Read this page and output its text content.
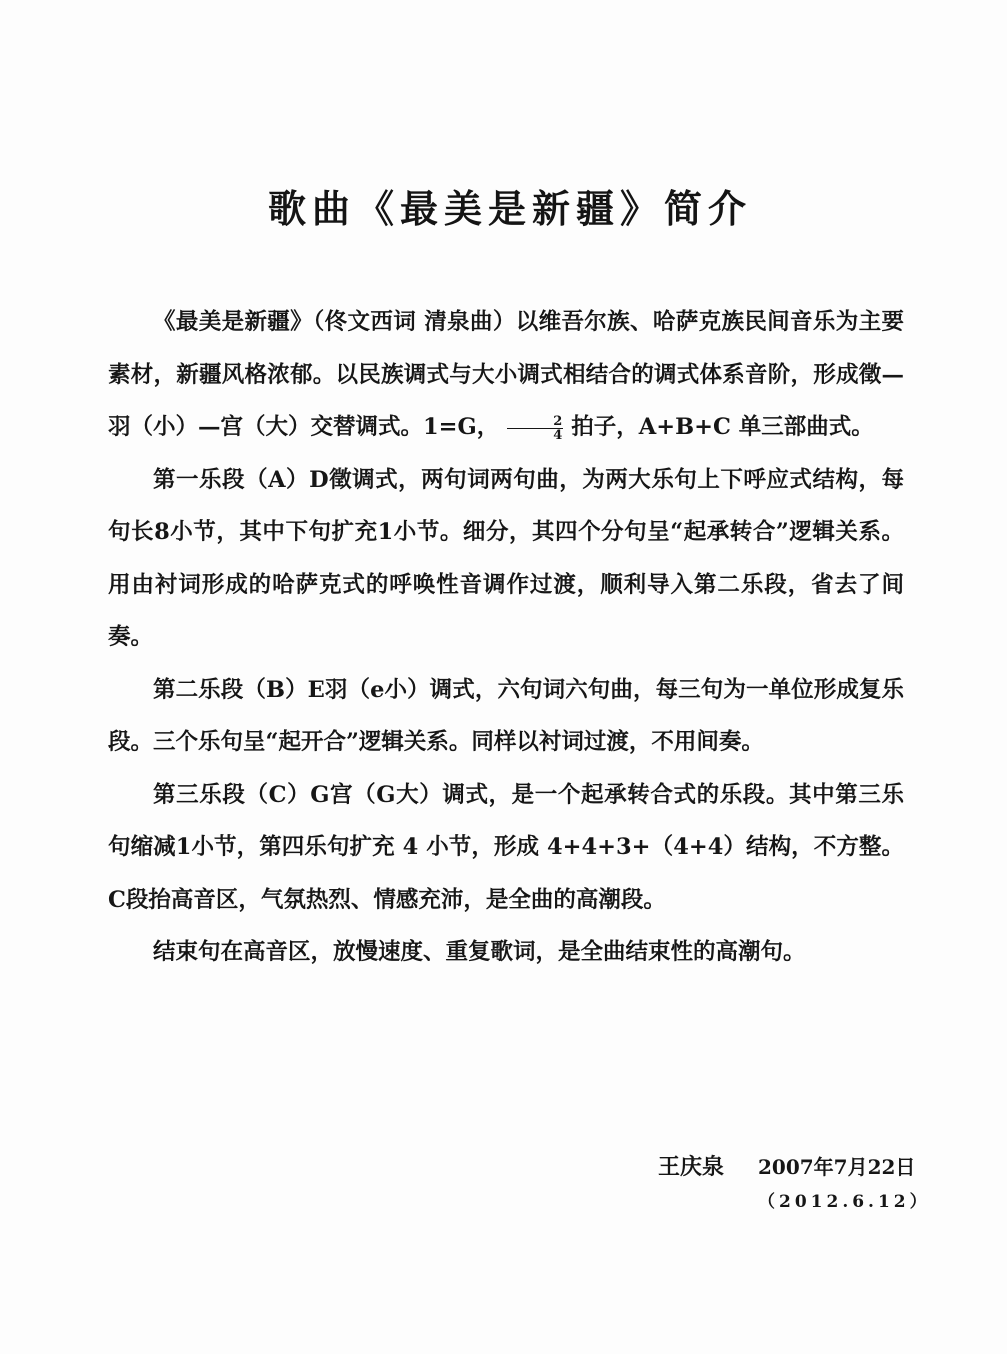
歌曲《最美是新疆》简介

《最美是新疆》（佟文西词 清泉曲）以维吾尔族、哈萨克族民间音乐为主要素材，新疆风格浓郁。以民族调式与大小调式相结合的调式体系音阶，形成徵—羽（小）—宫（大）交替调式。1=G， $\frac{2}{4}$ 拍子，A+B+C 单三部曲式。

第一乐段（A）D徵调式，两句词两句曲，为两大乐句上下呼应式结构，每句长8小节，其中下句扩充1小节。细分，其四个分句呈“起承转合”逻辑关系。用由衬词形成的哈萨克式的呼唤性音调作过渡，顺利导入第二乐段，省去了间奏。

第二乐段（B）E羽（e小）调式，六句词六句曲，每三句为一单位形成复乐段。三个乐句呈“起开合”逻辑关系。同样以衬词过渡，不用间奏。

第三乐段（C）G宫（G大）调式，是一个起承转合式的乐段。其中第三乐句缩减1小节，第四乐句扩充 4 小节，形成 4+4+3+（4+4）结构，不方整。C段抬高音区，气氛热烈、情感充沛，是全曲的高潮段。

结束句在高音区，放慢速度、重复歌词，是全曲结束性的高潮句。

王庆泉 2007年7月22日
（2012.6.12）
